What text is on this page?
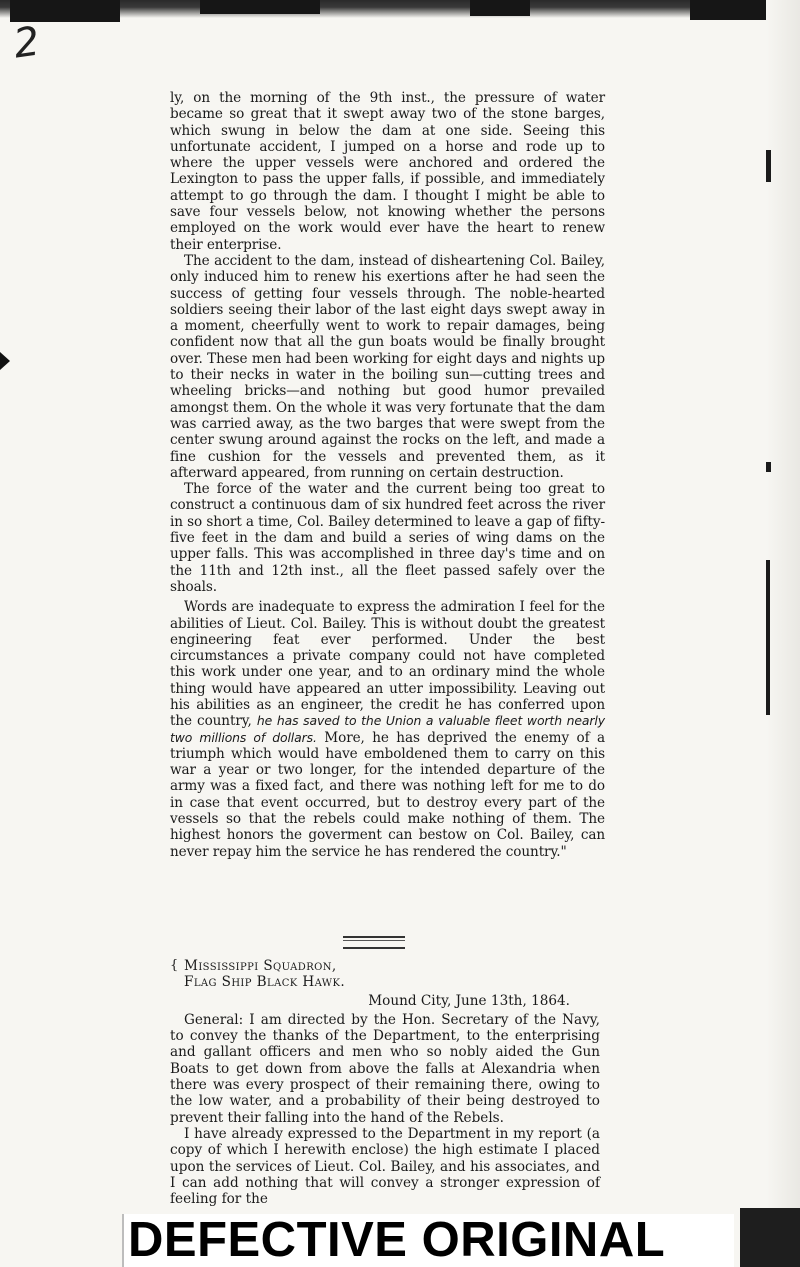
2

ly, on the morning of the 9th inst., the pressure of water became so great that it swept away two of the stone barges, which swung in below the dam at one side. Seeing this unfortunate accident, I jumped on a horse and rode up to where the upper vessels were anchored and ordered the Lexington to pass the upper falls, if possible, and immediately attempt to go through the dam. I thought I might be able to save four vessels below, not knowing whether the persons employed on the work would ever have the heart to renew their enterprise.

The accident to the dam, instead of disheartening Col. Bailey, only induced him to renew his exertions after he had seen the success of getting four vessels through. The noble-hearted soldiers seeing their labor of the last eight days swept away in a moment, cheerfully went to work to repair damages, being confident now that all the gun boats would be finally brought over. These men had been working for eight days and nights up to their necks in water in the boiling sun—cutting trees and wheeling bricks—and nothing but good humor prevailed amongst them. On the whole it was very fortunate that the dam was carried away, as the two barges that were swept from the center swung around against the rocks on the left, and made a fine cushion for the vessels and prevented them, as it afterward appeared, from running on certain destruction.

The force of the water and the current being too great to construct a continuous dam of six hundred feet across the river in so short a time, Col. Bailey determined to leave a gap of fifty-five feet in the dam and build a series of wing dams on the upper falls. This was accomplished in three day's time and on the 11th and 12th inst., all the fleet passed safely over the shoals.

Words are inadequate to express the admiration I feel for the abilities of Lieut. Col. Bailey. This is without doubt the greatest engineering feat ever performed. Under the best circumstances a private company could not have completed this work under one year, and to an ordinary mind the whole thing would have appeared an utter impossibility. Leaving out his abilities as an engineer, the credit he has conferred upon the country, he has saved to the Union a valuable fleet worth nearly two millions of dollars. More, he has deprived the enemy of a triumph which would have emboldened them to carry on this war a year or two longer, for the intended departure of the army was a fixed fact, and there was nothing left for me to do in case that event occurred, but to destroy every part of the vessels so that the rebels could make nothing of them. The highest honors the goverment can bestow on Col. Bailey, can never repay him the service he has rendered the country."

{ Mississippi Squadron,
Flag Ship Black Hawk.
Mound City, June 13th, 1864.

General: I am directed by the Hon. Secretary of the Navy, to convey the thanks of the Department, to the enterprising and gallant officers and men who so nobly aided the Gun Boats to get down from above the falls at Alexandria when there was every prospect of their remaining there, owing to the low water, and a probability of their being destroyed to prevent their falling into the hand of the Rebels.

I have already expressed to the Department in my report (a copy of which I herewith enclose) the high estimate I placed upon the services of Lieut. Col. Bailey, and his associates, and I can add nothing that will convey a stronger expression of feeling for the

DEFECTIVE ORIGINAL
